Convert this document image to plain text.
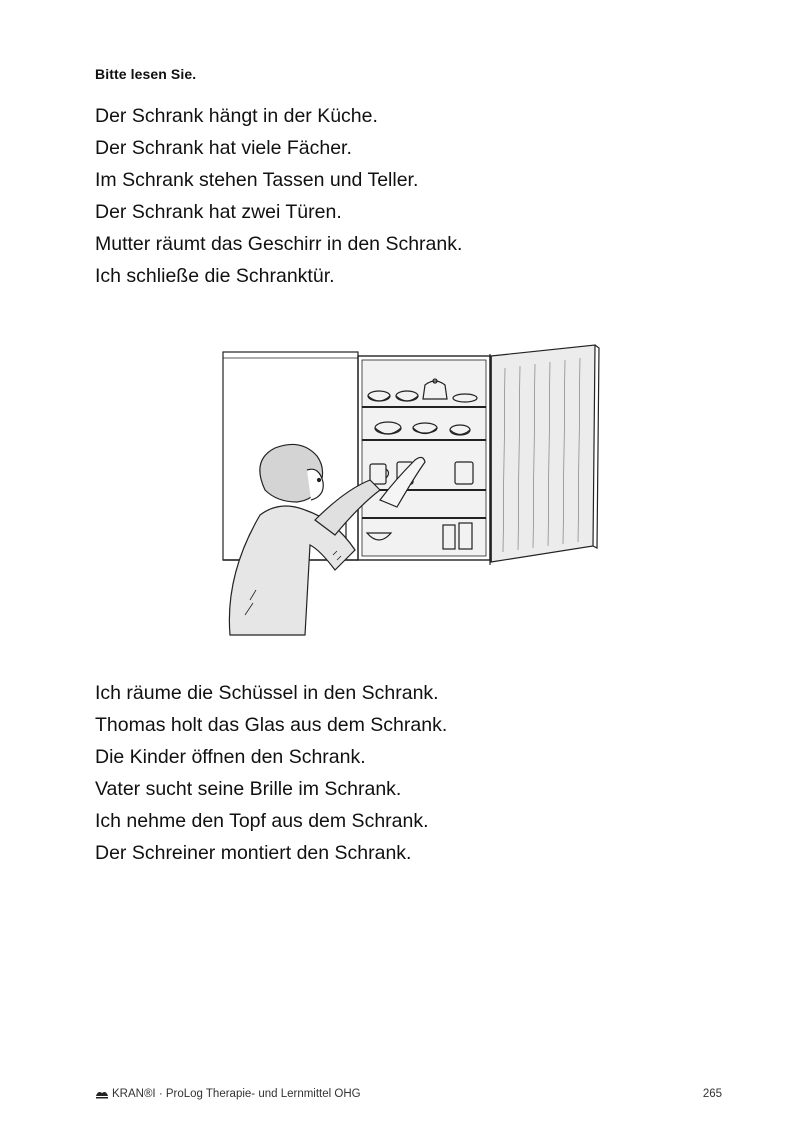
Bitte lesen Sie.
Der Schrank hängt in der Küche.
Der Schrank hat viele Fächer.
Im Schrank stehen Tassen und Teller.
Der Schrank hat zwei Türen.
Mutter räumt das Geschirr in den Schrank.
Ich schließe die Schranktür.
Ich räume die Schüssel in den Schrank.
Thomas holt das Glas aus dem Schrank.
Die Kinder öffnen den Schrank.
Vater sucht seine Brille im Schrank.
Ich nehme den Topf aus dem Schrank.
Der Schreiner montiert den Schrank.
KRAN®I · ProLog Therapie- und Lernmittel OHG	265
